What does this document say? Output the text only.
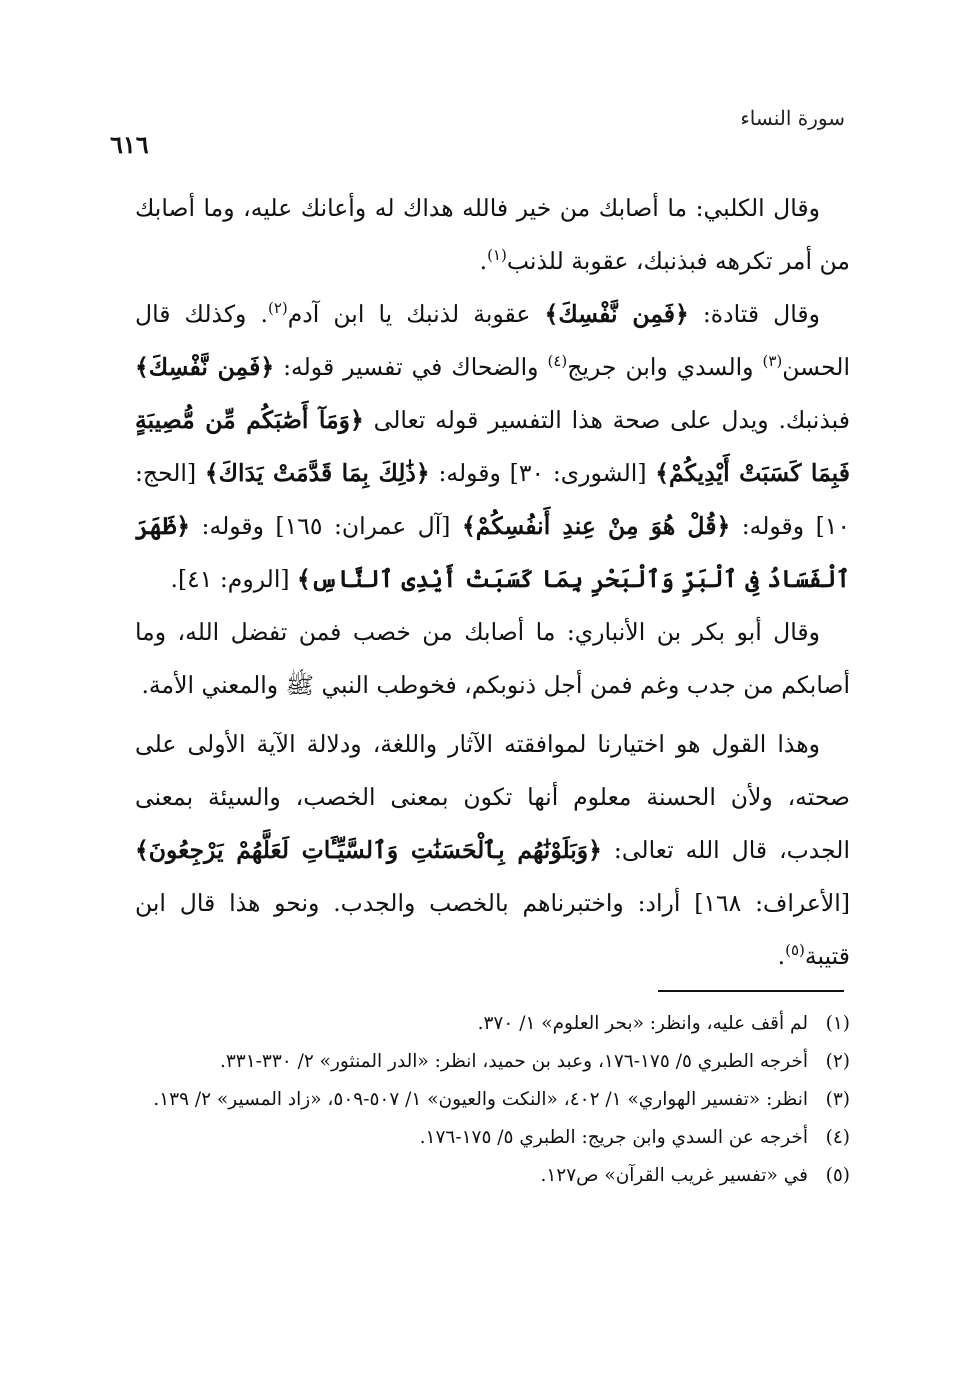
سورة النساء
٦١٦

وقال الكلبي: ما أصابك من خير فالله هداك له وأعانك عليه، وما أصابك من أمر تكرهه فبذنبك، عقوبة للذنب$^{(١)}$.

وقال قتادة: ﴿فَمِن نَّفْسِكَ﴾ عقوبة لذنبك يا ابن آدم$^{(٢)}$. وكذلك قال الحسن$^{(٣)}$ والسدي وابن جريج$^{(٤)}$ والضحاك في تفسير قوله: ﴿فَمِن نَّفْسِكَ﴾ فبذنبك. ويدل على صحة هذا التفسير قوله تعالى ﴿وَمَآ أَصَٰبَكُم مِّن مُّصِيبَةٍ فَبِمَا كَسَبَتْ أَيْدِيكُمْ﴾ [الشورى: ٣٠] وقوله: ﴿ذَٰلِكَ بِمَا قَدَّمَتْ يَدَاكَ﴾ [الحج: ١٠] وقوله: ﴿قُلْ هُوَ مِنْ عِندِ أَنفُسِكُمْ﴾ [آل عمران: ١٦٥] وقوله: ﴿ظَهَرَ ٱلْفَسَادُ فِى ٱلْبَرِّ وَٱلْبَحْرِ بِمَا كَسَبَتْ أَيْدِى ٱلنَّاسِ﴾ [الروم: ٤١].

وقال أبو بكر بن الأنباري: ما أصابك من خصب فمن تفضل الله، وما أصابكم من جدب وغم فمن أجل ذنوبكم، فخوطب النبي ﷺ والمعني الأمة.

وهذا القول هو اختيارنا لموافقته الآثار واللغة، ودلالة الآية الأولى على صحته، ولأن الحسنة معلوم أنها تكون بمعنى الخصب، والسيئة بمعنى الجدب، قال الله تعالى: ﴿وَبَلَوْنَٰهُم بِٱلْحَسَنَٰتِ وَٱلسَّيِّـَٔاتِ لَعَلَّهُمْ يَرْجِعُونَ﴾ [الأعراف: ١٦٨] أراد: واختبرناهم بالخصب والجدب. ونحو هذا قال ابن قتيبة$^{(٥)}$.

(١)
لم أقف عليه، وانظر: «بحر العلوم» ١/ ٣٧٠.

(٢)
أخرجه الطبري ٥/ ١٧٥-١٧٦، وعبد بن حميد، انظر: «الدر المنثور» ٢/ ٣٣٠-٣٣١.

(٣)
انظر: «تفسير الهواري» ١/ ٤٠٢، «النكت والعيون» ١/ ٥٠٧-٥٠٩، «زاد المسير» ٢/ ١٣٩.

(٤)
أخرجه عن السدي وابن جريج: الطبري ٥/ ١٧٥-١٧٦.

(٥)
في «تفسير غريب القرآن» ص١٢٧.
